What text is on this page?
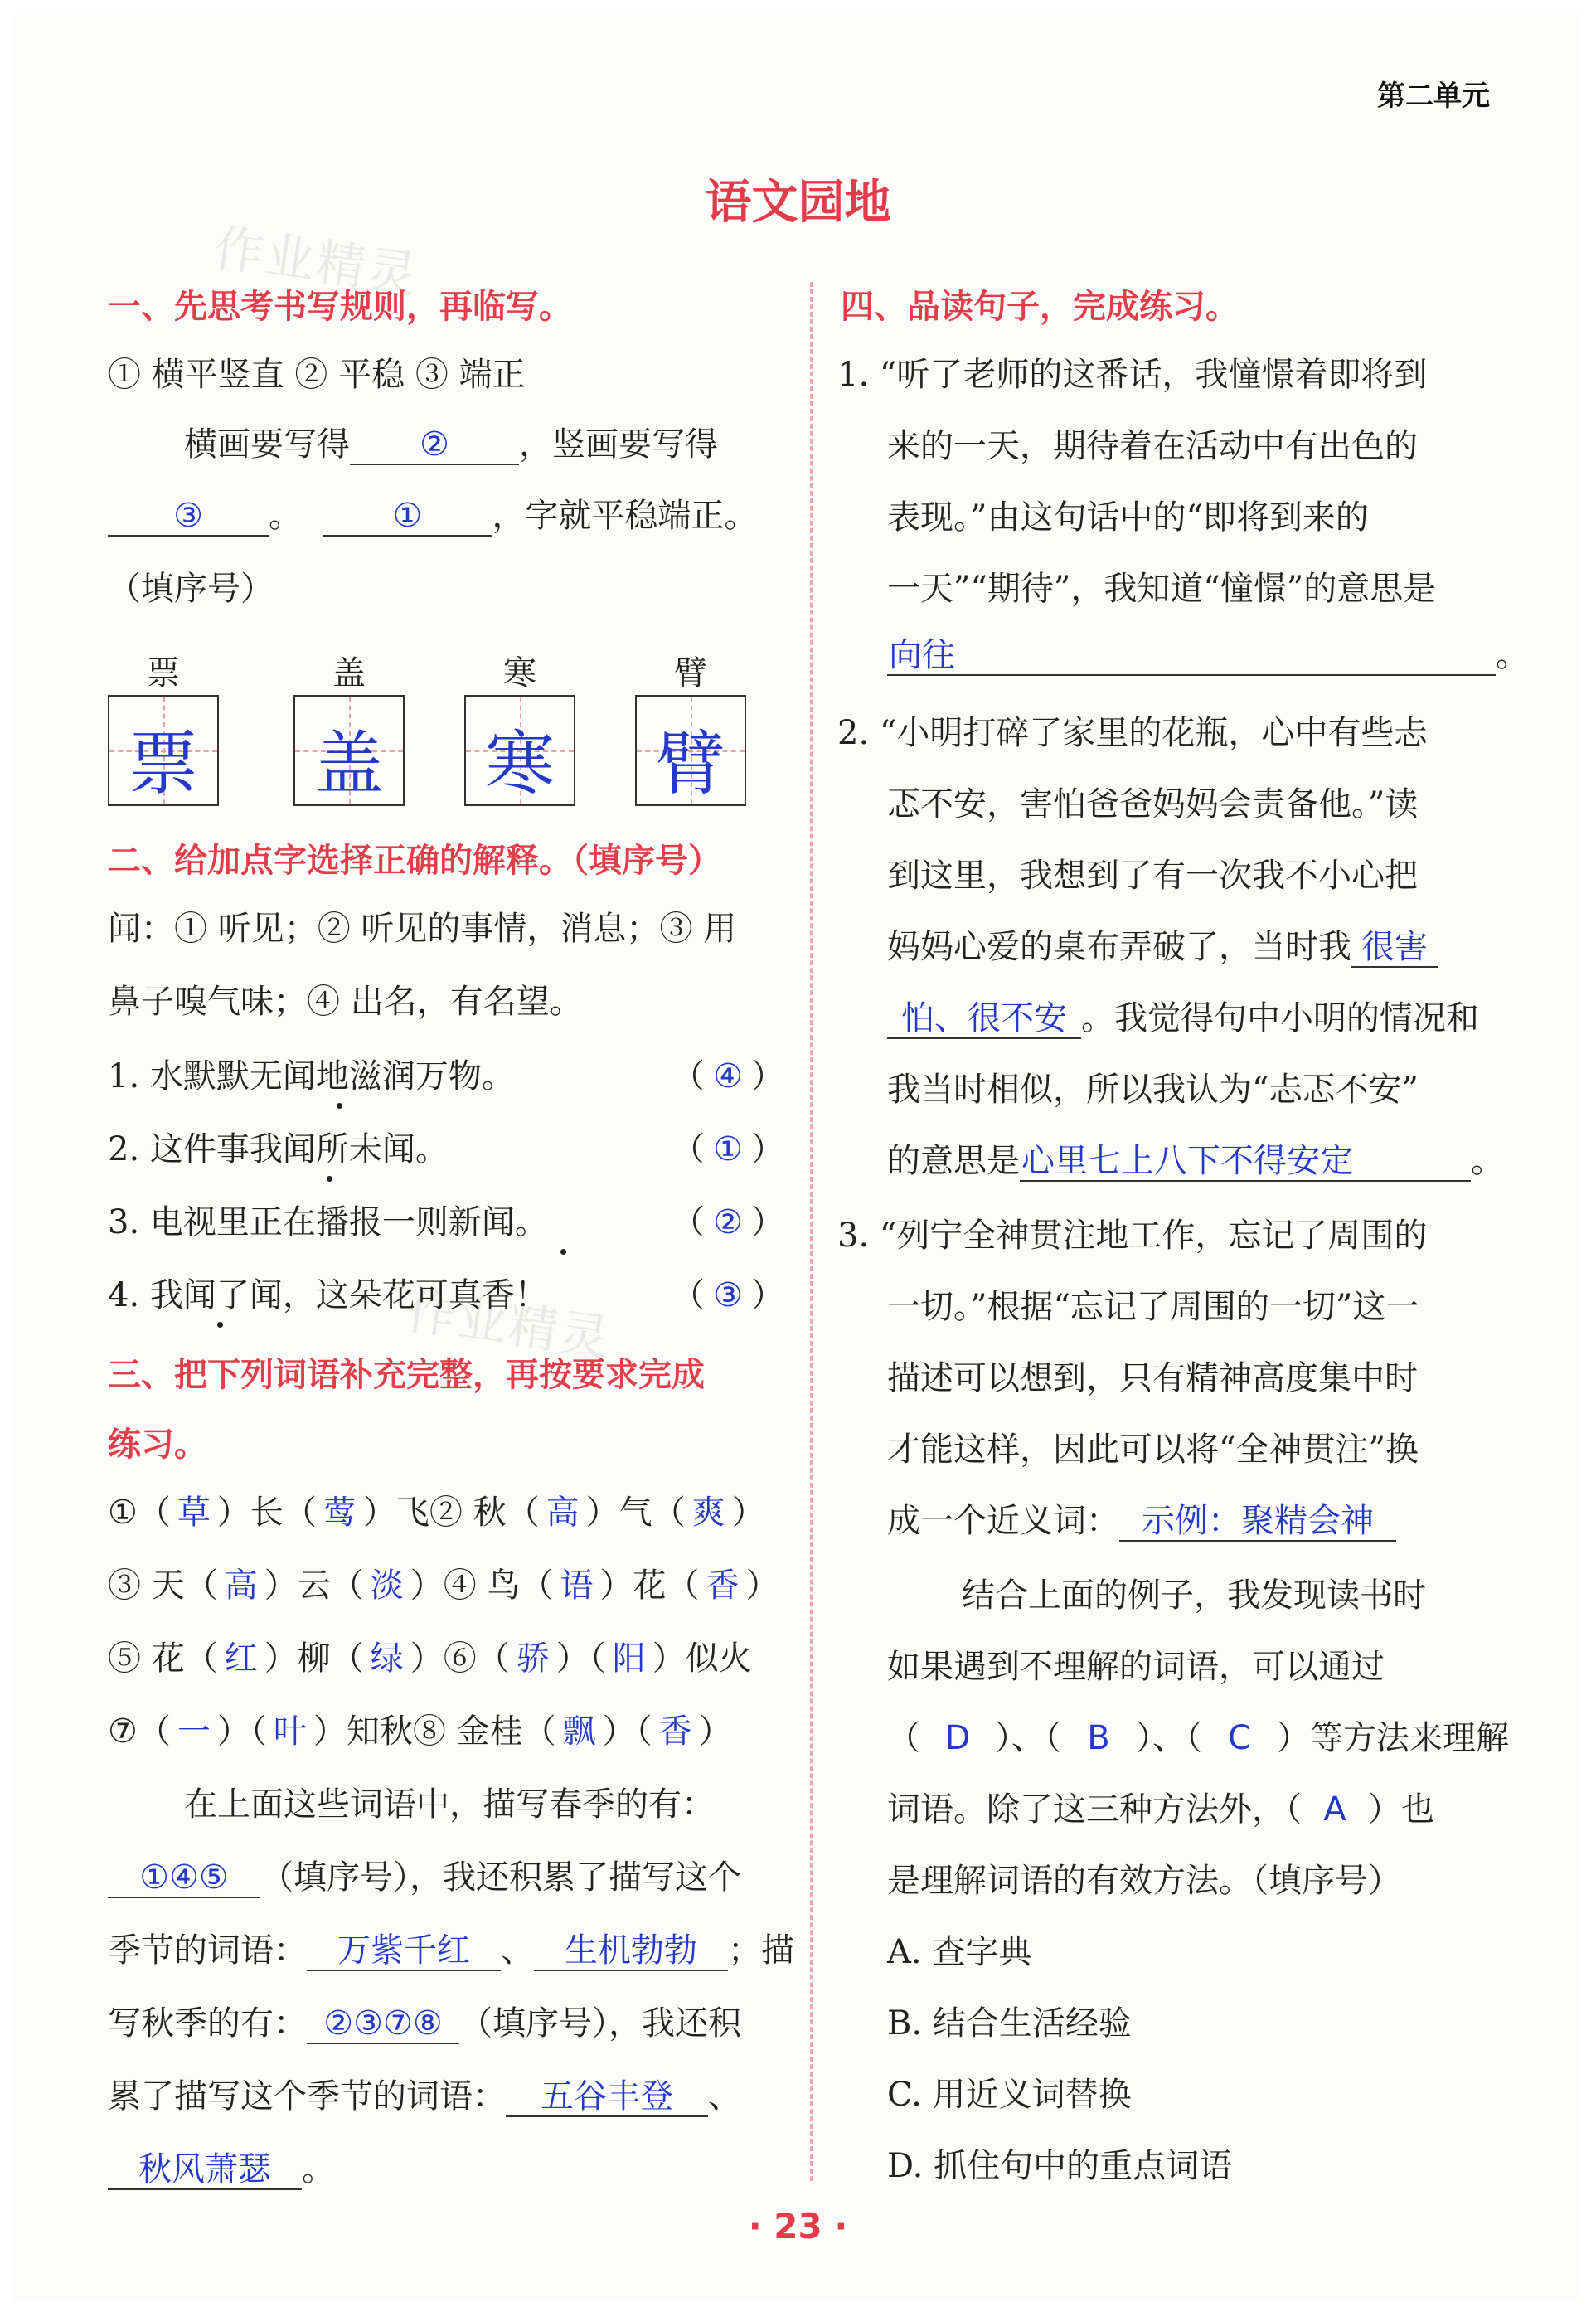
第二单元
语文园地
作业精灵
作业精灵
一、先思考书写规则，再临写。
① 横平竖直 ② 平稳 ③ 端正
横画要写得 ② ，竖画要写得
③ 。	① ，字就平稳端正。
（填序号）
票	盖	寒	臂
票 盖 寒 臂
二、给加点字选择正确的解释。（填序号）
闻：① 听见；② 听见的事情，消息；③ 用
鼻子嗅气味；④ 出名，有名望。
1. 水默默无闻地滋润万物。	（ ④ ）
2. 这件事我闻所未闻。	（ ① ）
3. 电视里正在播报一则新闻。	（ ② ）
4. 我闻了闻，这朵花可真香！	（ ③ ）
三、把下列词语补充完整，再按要求完成
练习。
①（ 草 ）长（ 莺 ）飞② 秋（ 高 ）气（ 爽 ）
③ 天（ 高 ）云（ 淡 ）④ 鸟（ 语 ）花（ 香 ）
⑤ 花（ 红 ）柳（ 绿 ）⑥（ 骄 ）（ 阳 ）似火
⑦（ 一 ）（ 叶 ）知秋⑧ 金桂（ 飘 ）（ 香 ）
在上面这些词语中，描写春季的有：
①④⑤ （填序号），我还积累了描写这个
季节的词语： 万紫千红 、 生机勃勃 ；描
写秋季的有： ②③⑦⑧ （填序号），我还积
累了描写这个季节的词语： 五谷丰登 、
秋风萧瑟 。
四、品读句子，完成练习。
1. “听了老师的这番话，我憧憬着即将到
来的一天，期待着在活动中有出色的
表现。”由这句话中的“即将到来的
一天”“期待”，我知道“憧憬”的意思是
向往	。
2. “小明打碎了家里的花瓶，心中有些忐
忑不安，害怕爸爸妈妈会责备他。”读
到这里，我想到了有一次我不小心把
妈妈心爱的桌布弄破了，当时我 很害
怕、很不安 。我觉得句中小明的情况和
我当时相似，所以我认为“忐忑不安”
的意思是心里七上八下不得安定	。
3. “列宁全神贯注地工作，忘记了周围的
一切。”根据“忘记了周围的一切”这一
描述可以想到，只有精神高度集中时
才能这样，因此可以将“全神贯注”换
成一个近义词： 示例：聚精会神
结合上面的例子，我发现读书时
如果遇到不理解的词语，可以通过
（ D ）、（ B ）、（ C ）等方法来理解
词语。除了这三种方法外，（ A ）也
是理解词语的有效方法。（填序号）
A. 查字典
B. 结合生活经验
C. 用近义词替换
D. 抓住句中的重点词语
· 23 ·
